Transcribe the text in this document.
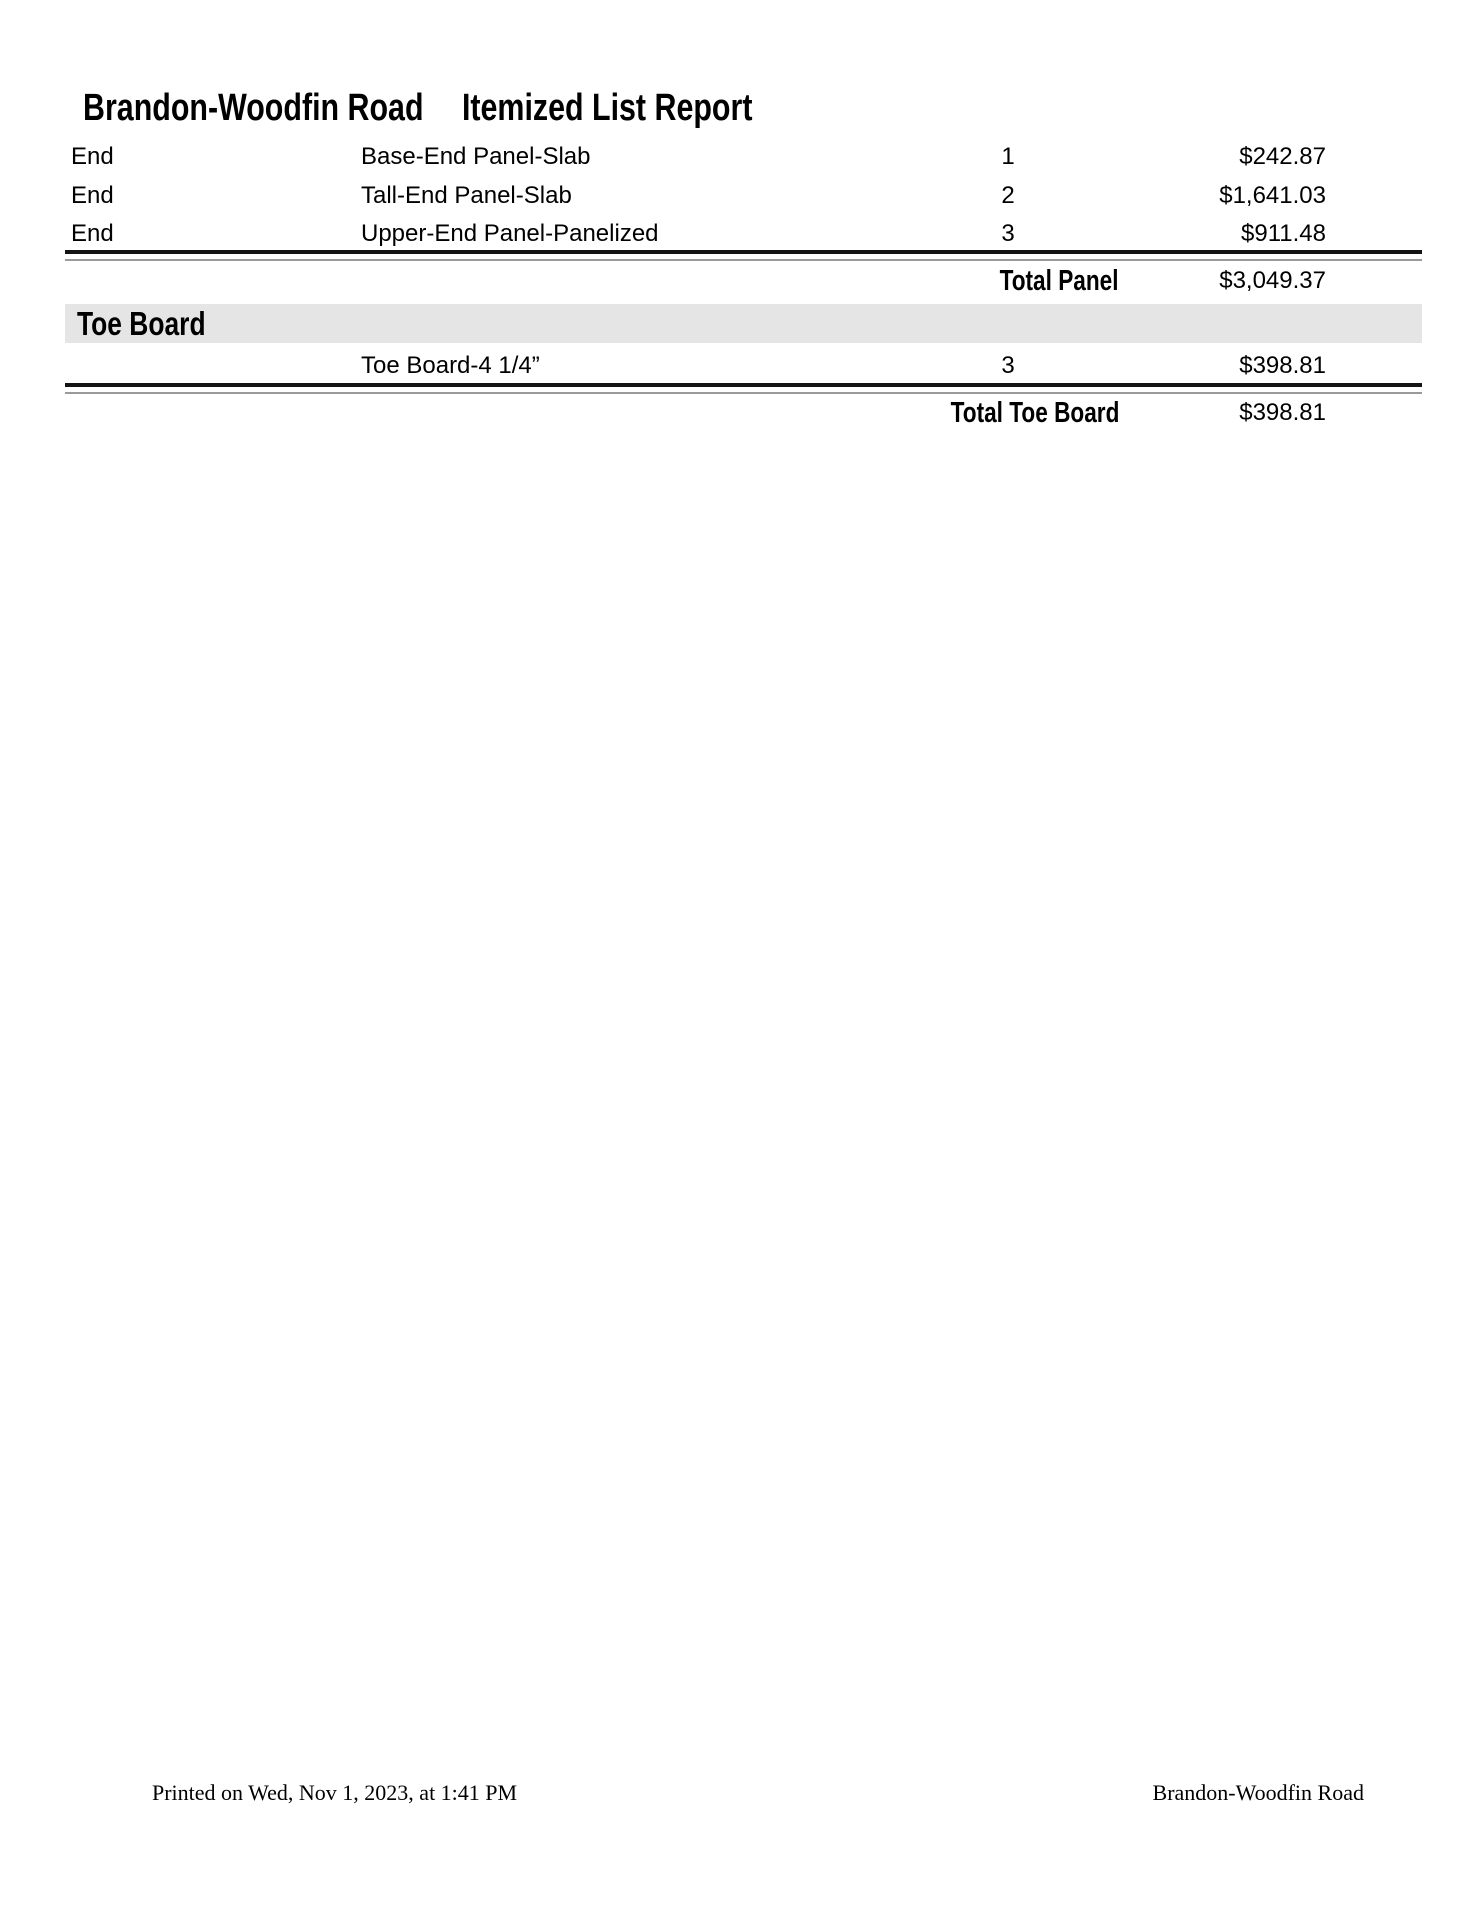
Brandon-Woodfin Road Itemized List Report
End	Base-End Panel-Slab	1	$242.87
End	Tall-End Panel-Slab	2	$1,641.03
End	Upper-End Panel-Panelized	3	$911.48
Total Panel	$3,049.37
Toe Board
Toe Board-4 1/4”	3	$398.81
Total Toe Board	$398.81
Printed on Wed, Nov 1, 2023, at 1:41 PM	Brandon-Woodfin Road
